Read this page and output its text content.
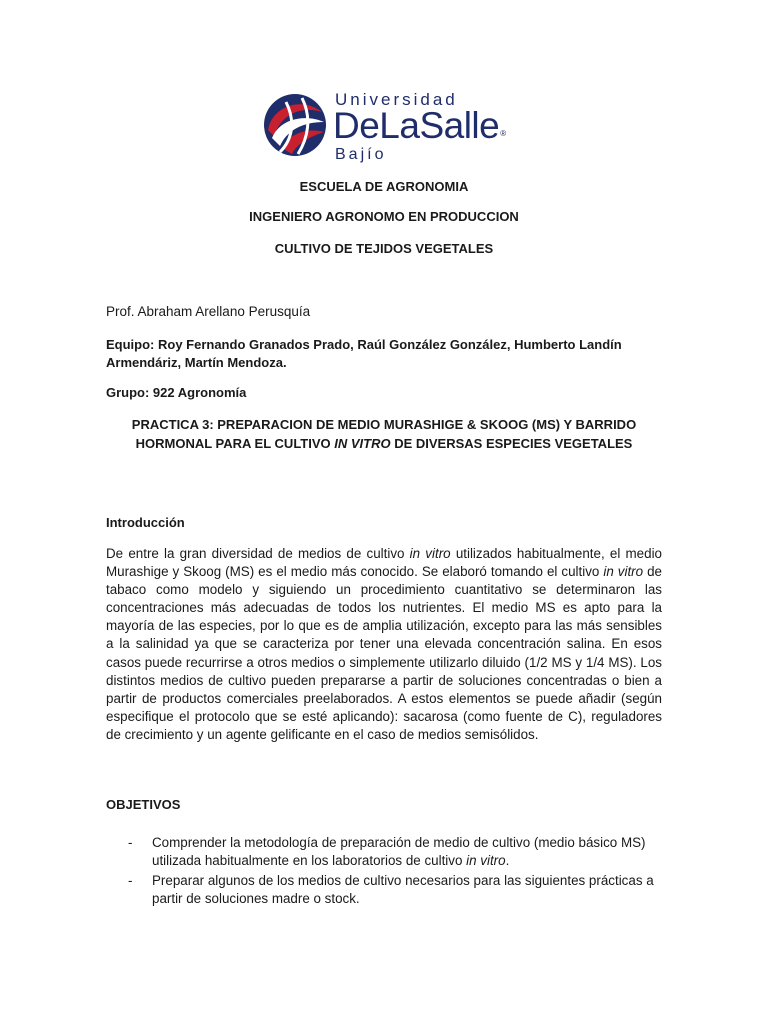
Universidad
DeLaSalle®
Bajío
ESCUELA DE AGRONOMIA
INGENIERO AGRONOMO EN PRODUCCION
CULTIVO DE TEJIDOS VEGETALES
Prof. Abraham Arellano Perusquía
Equipo: Roy Fernando Granados Prado, Raúl González González, Humberto Landín Armendáriz, Martín Mendoza.
Grupo: 922 Agronomía
PRACTICA 3: PREPARACION DE MEDIO MURASHIGE & SKOOG (MS) Y BARRIDO HORMONAL PARA EL CULTIVO IN VITRO DE DIVERSAS ESPECIES VEGETALES
Introducción
De entre la gran diversidad de medios de cultivo in vitro utilizados habitualmente, el medio Murashige y Skoog (MS) es el medio más conocido. Se elaboró tomando el cultivo in vitro de tabaco como modelo y siguiendo un procedimiento cuantitativo se determinaron las concentraciones más adecuadas de todos los nutrientes. El medio MS es apto para la mayoría de las especies, por lo que es de amplia utilización, excepto para las más sensibles a la salinidad ya que se caracteriza por tener una elevada concentración salina. En esos casos puede recurrirse a otros medios o simplemente utilizarlo diluido (1/2 MS y 1/4 MS). Los distintos medios de cultivo pueden prepararse a partir de soluciones concentradas o bien a partir de productos comerciales preelaborados. A estos elementos se puede añadir (según especifique el protocolo que se esté aplicando): sacarosa (como fuente de C), reguladores de crecimiento y un agente gelificante en el caso de medios semisólidos.
OBJETIVOS
- Comprender la metodología de preparación de medio de cultivo (medio básico MS) utilizada habitualmente en los laboratorios de cultivo in vitro.
- Preparar algunos de los medios de cultivo necesarios para las siguientes prácticas a partir de soluciones madre o stock.
